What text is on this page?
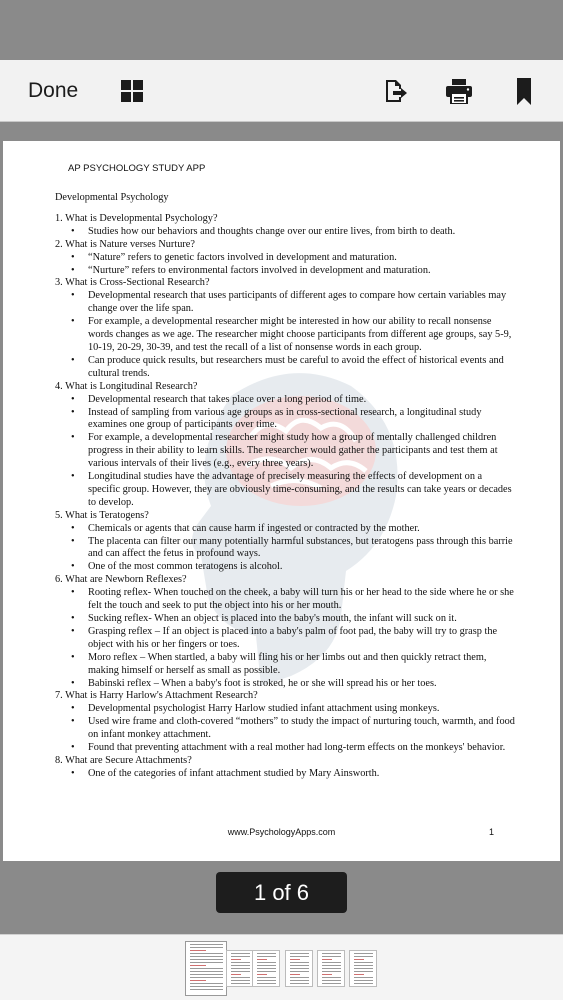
Done
AP PSYCHOLOGY STUDY APP
Developmental Psychology
1. What is Developmental Psychology?
• Studies how our behaviors and thoughts change over our entire lives, from birth to death.
2. What is Nature verses Nurture?
• “Nature” refers to genetic factors involved in development and maturation.
• “Nurture” refers to environmental factors involved in development and maturation.
3. What is Cross-Sectional Research?
• Developmental research that uses participants of different ages to compare how certain variables may change over the life span.
• For example, a developmental researcher might be interested in how our ability to recall nonsense words changes as we age. The researcher might choose participants from different age groups, say 5-9, 10-19, 20-29, 30-39, and test the recall of a list of nonsense words in each group.
• Can produce quick results, but researchers must be careful to avoid the effect of historical events and cultural trends.
4. What is Longitudinal Research?
• Developmental research that takes place over a long period of time.
• Instead of sampling from various age groups as in cross-sectional research, a longitudinal study examines one group of participants over time.
• For example, a developmental researcher might study how a group of mentally challenged children progress in their ability to learn skills. The researcher would gather the participants and test them at various intervals of their lives (e.g., every three years).
• Longitudinal studies have the advantage of precisely measuring the effects of development on a specific group. However, they are obviously time-consuming, and the results can take years or decades to develop.
5. What is Teratogens?
• Chemicals or agents that can cause harm if ingested or contracted by the mother.
• The placenta can filter our many potentially harmful substances, but teratogens pass through this barrie and can affect the fetus in profound ways.
• One of the most common teratogens is alcohol.
6. What are Newborn Reflexes?
• Rooting reflex- When touched on the cheek, a baby will turn his or her head to the side where he or she felt the touch and seek to put the object into his or her mouth.
• Sucking reflex- When an object is placed into the baby's mouth, the infant will suck on it.
• Grasping reflex – If an object is placed into a baby's palm of foot pad, the baby will try to grasp the object with his or her fingers or toes.
• Moro reflex – When startled, a baby will fling his or her limbs out and then quickly retract them, making himself or herself as small as possible.
• Babinski reflex – When a baby's foot is stroked, he or she will spread his or her toes.
7. What is Harry Harlow's Attachment Research?
• Developmental psychologist Harry Harlow studied infant attachment using monkeys.
• Used wire frame and cloth-covered “mothers” to study the impact of nurturing touch, warmth, and food on infant monkey attachment.
• Found that preventing attachment with a real mother had long-term effects on the monkeys' behavior.
8. What are Secure Attachments?
• One of the categories of infant attachment studied by Mary Ainsworth.
www.PsychologyApps.com	1
1 of 6
